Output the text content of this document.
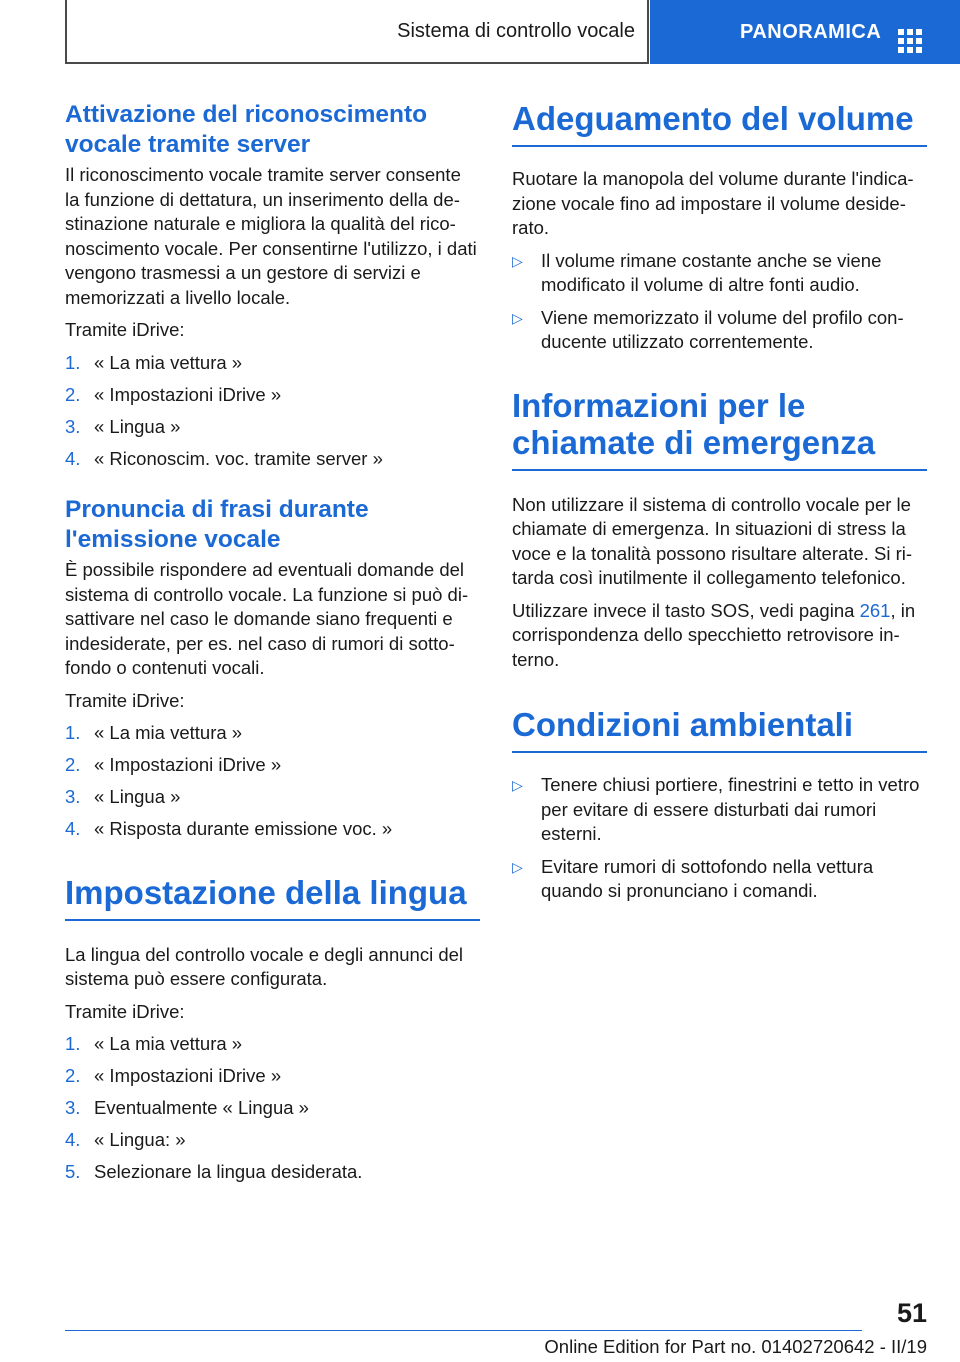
Sistema di controllo vocale	PANORAMICA
Attivazione del riconoscimento vocale tramite server

Il riconoscimento vocale tramite server consente la funzione di dettatura, un inserimento della destinazione naturale e migliora la qualità del riconoscimento vocale. Per consentirne l'utilizzo, i dati vengono trasmessi a un gestore di servizi e memorizzati a livello locale.

Tramite iDrive:

1. « La mia vettura »
2. « Impostazioni iDrive »
3. « Lingua »
4. « Riconoscim. voc. tramite server »
Pronuncia di frasi durante l'emissione vocale

È possibile rispondere ad eventuali domande del sistema di controllo vocale. La funzione si può disattivare nel caso le domande siano frequenti e indesiderate, per es. nel caso di rumori di sottofondo o contenuti vocali.

Tramite iDrive:

1. « La mia vettura »
2. « Impostazioni iDrive »
3. « Lingua »
4. « Risposta durante emissione voc. »
Impostazione della lingua

La lingua del controllo vocale e degli annunci del sistema può essere configurata.

Tramite iDrive:

1. « La mia vettura »
2. « Impostazioni iDrive »
3. Eventualmente « Lingua »
4. « Lingua: »
5. Selezionare la lingua desiderata.
Adeguamento del volume

Ruotare la manopola del volume durante l'indicazione vocale fino ad impostare il volume desiderato.

▷ Il volume rimane costante anche se viene modificato il volume di altre fonti audio.
▷ Viene memorizzato il volume del profilo conducente utilizzato correntemente.
Informazioni per le chiamate di emergenza

Non utilizzare il sistema di controllo vocale per le chiamate di emergenza. In situazioni di stress la voce e la tonalità possono risultare alterate. Si ritarda così inutilmente il collegamento telefonico.

Utilizzare invece il tasto SOS, vedi pagina 261, in corrispondenza dello specchietto retrovisore interno.

Condizioni ambientali
▷ Tenere chiusi portiere, finestrini e tetto in vetro per evitare di essere disturbati dai rumori esterni.
▷ Evitare rumori di sottofondo nella vettura quando si pronunciano i comandi.
51
Online Edition for Part no. 01402720642 - II/19
